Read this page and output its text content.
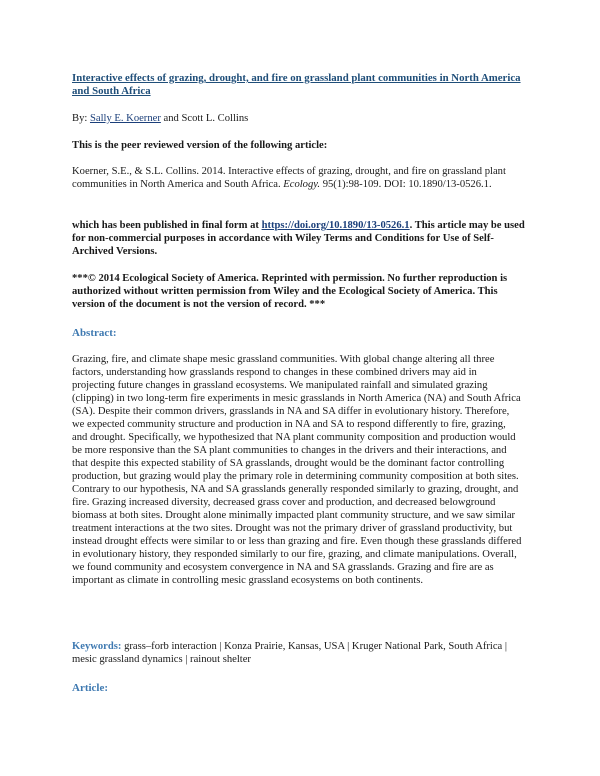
Interactive effects of grazing, drought, and fire on grassland plant communities in North America and South Africa

By: Sally E. Koerner and Scott L. Collins

This is the peer reviewed version of the following article:

Koerner, S.E., & S.L. Collins. 2014. Interactive effects of grazing, drought, and fire on grassland plant communities in North America and South Africa. Ecology. 95(1):98-109. DOI: 10.1890/13-0526.1.

which has been published in final form at https://doi.org/10.1890/13-0526.1. This article may be used for non-commercial purposes in accordance with Wiley Terms and Conditions for Use of Self-Archived Versions.

***© 2014 Ecological Society of America. Reprinted with permission. No further reproduction is authorized without written permission from Wiley and the Ecological Society of America. This version of the document is not the version of record. ***

Abstract:

Grazing, fire, and climate shape mesic grassland communities. With global change altering all three factors, understanding how grasslands respond to changes in these combined drivers may aid in projecting future changes in grassland ecosystems. We manipulated rainfall and simulated grazing (clipping) in two long-term fire experiments in mesic grasslands in North America (NA) and South Africa (SA). Despite their common drivers, grasslands in NA and SA differ in evolutionary history. Therefore, we expected community structure and production in NA and SA to respond differently to fire, grazing, and drought. Specifically, we hypothesized that NA plant community composition and production would be more responsive than the SA plant communities to changes in the drivers and their interactions, and that despite this expected stability of SA grasslands, drought would be the dominant factor controlling production, but grazing would play the primary role in determining community composition at both sites. Contrary to our hypothesis, NA and SA grasslands generally responded similarly to grazing, drought, and fire. Grazing increased diversity, decreased grass cover and production, and decreased belowground biomass at both sites. Drought alone minimally impacted plant community structure, and we saw similar treatment interactions at the two sites. Drought was not the primary driver of grassland productivity, but instead drought effects were similar to or less than grazing and fire. Even though these grasslands differed in evolutionary history, they responded similarly to our fire, grazing, and climate manipulations. Overall, we found community and ecosystem convergence in NA and SA grasslands. Grazing and fire are as important as climate in controlling mesic grassland ecosystems on both continents.

Keywords: grass–forb interaction | Konza Prairie, Kansas, USA | Kruger National Park, South Africa | mesic grassland dynamics | rainout shelter

Article:
